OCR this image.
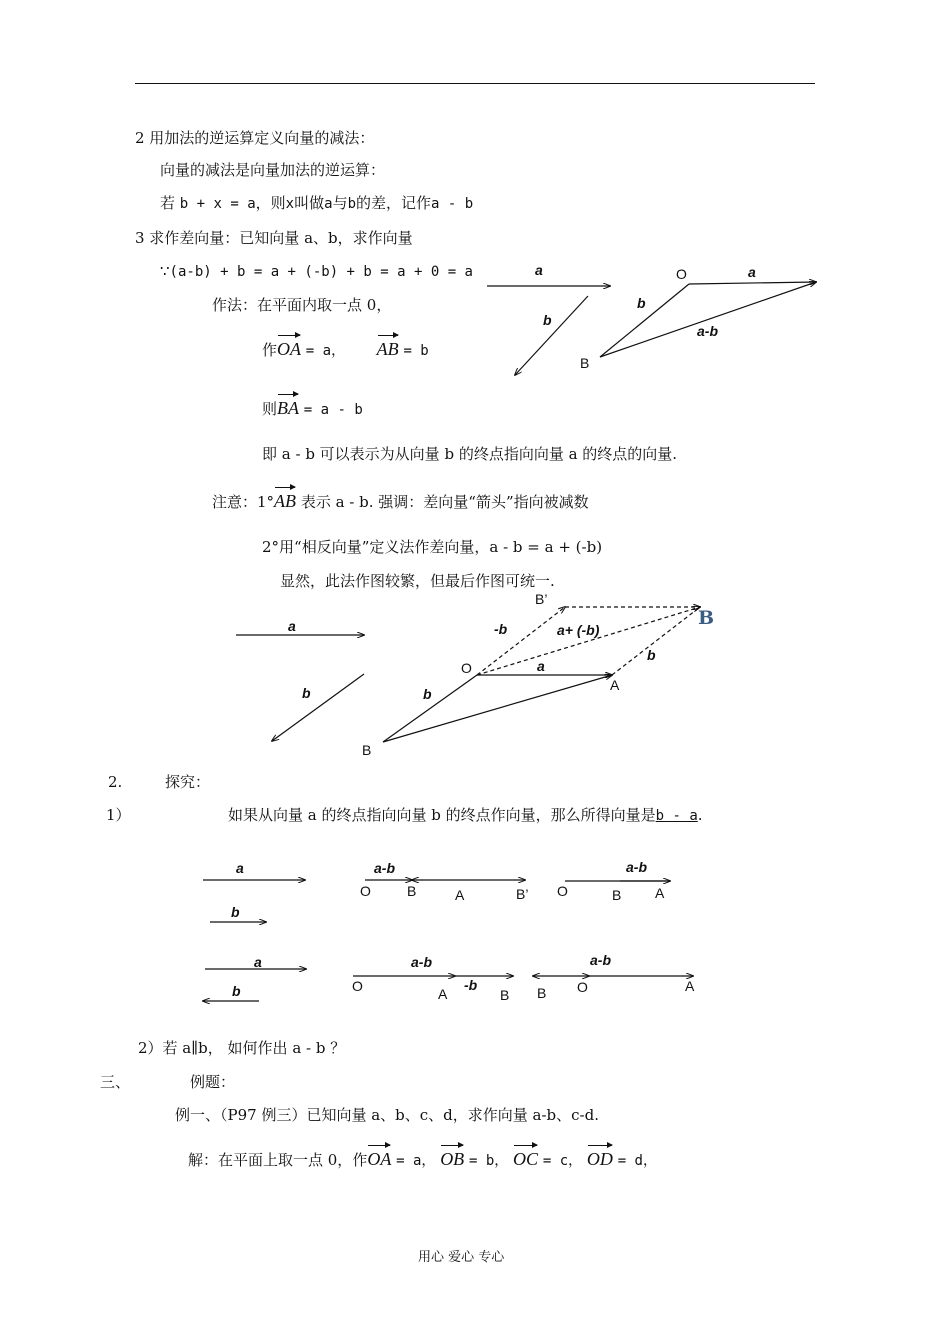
2 用加法的逆运算定义向量的减法：
向量的减法是向量加法的逆运算：
若 b + x = a，则x叫做a与b的差，记作a - b
3 求作差向量：已知向量 a、b，求作向量
∵(a-b) + b = a + (-b) + b = a + 0 = a
作法：在平面内取一点 0，
作OA = a， AB = b
则BA = a - b
即 a - b 可以表示为从向量 b 的终点指向向量 a 的终点的向量.
注意：1°AB 表示 a - b. 强调：差向量“箭头”指向被减数
2°用“相反向量”定义法作差向量，a - b = a + (-b)
显然，此法作图较繁，但最后作图可统一.
a
b
O	a
b
a-b
B
a
b
B’
-b	a+ (-b)
B
b
O	a
A
b
B
2.	探究：
1）	如果从向量 a 的终点指向向量 b 的终点作向量，那么所得向量是b - a.
a
b
a-b
O	B	A	B’
a-b
O	B A
a
b
a-b
O	A
-b
B
a-b
B O	A
2）若 a∥b， 如何作出 a - b ？
三、	例题：
例一、（P97 例三）已知向量 a、b、c、d，求作向量 a-b、c-d.
解：在平面上取一点 0，作OA = a， OB = b， OC = c， OD = d，
用心 爱心 专心
